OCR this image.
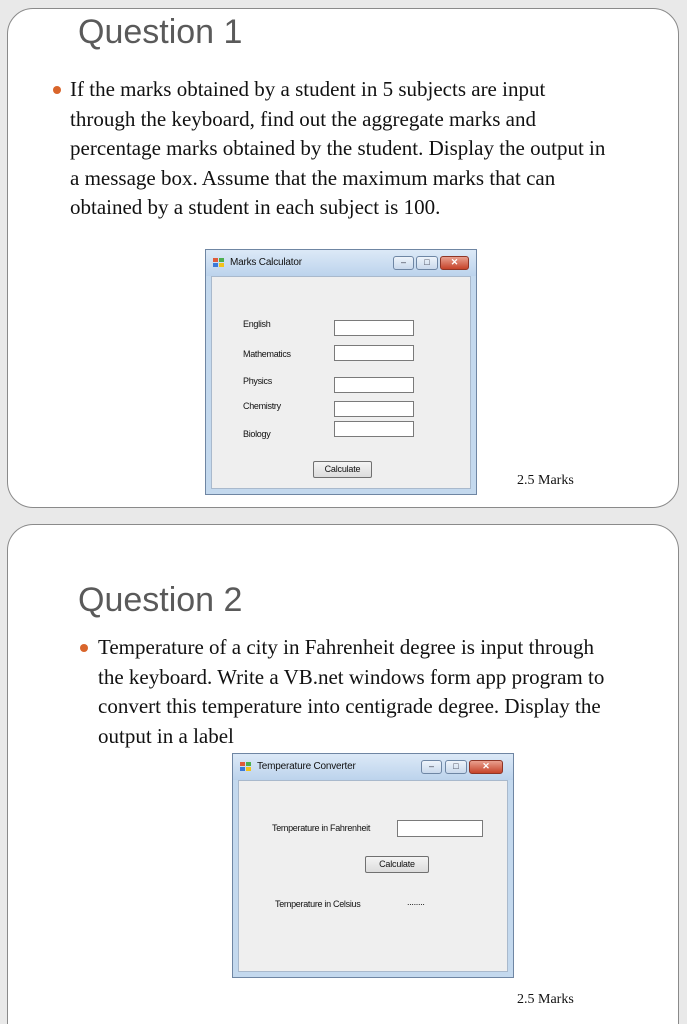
Question 1
If the marks obtained by a student in 5 subjects are input
through the keyboard, find out the aggregate marks and
percentage marks obtained by the student. Display the output in
a message box. Assume that the maximum marks that can
obtained by a student in each subject is 100.
Marks Calculator	–	□	✕
English
Mathematics
Physics
Chemistry
Biology
Calculate
2.5 Marks
Question 2
Temperature of a city in Fahrenheit degree is input through
the keyboard. Write a VB.net windows form app program to
convert this temperature into centigrade degree. Display the
output in a label
Temperature Converter	–	□	✕
Temperature in Fahrenheit
Calculate
Temperature in Celsius	........
2.5 Marks
